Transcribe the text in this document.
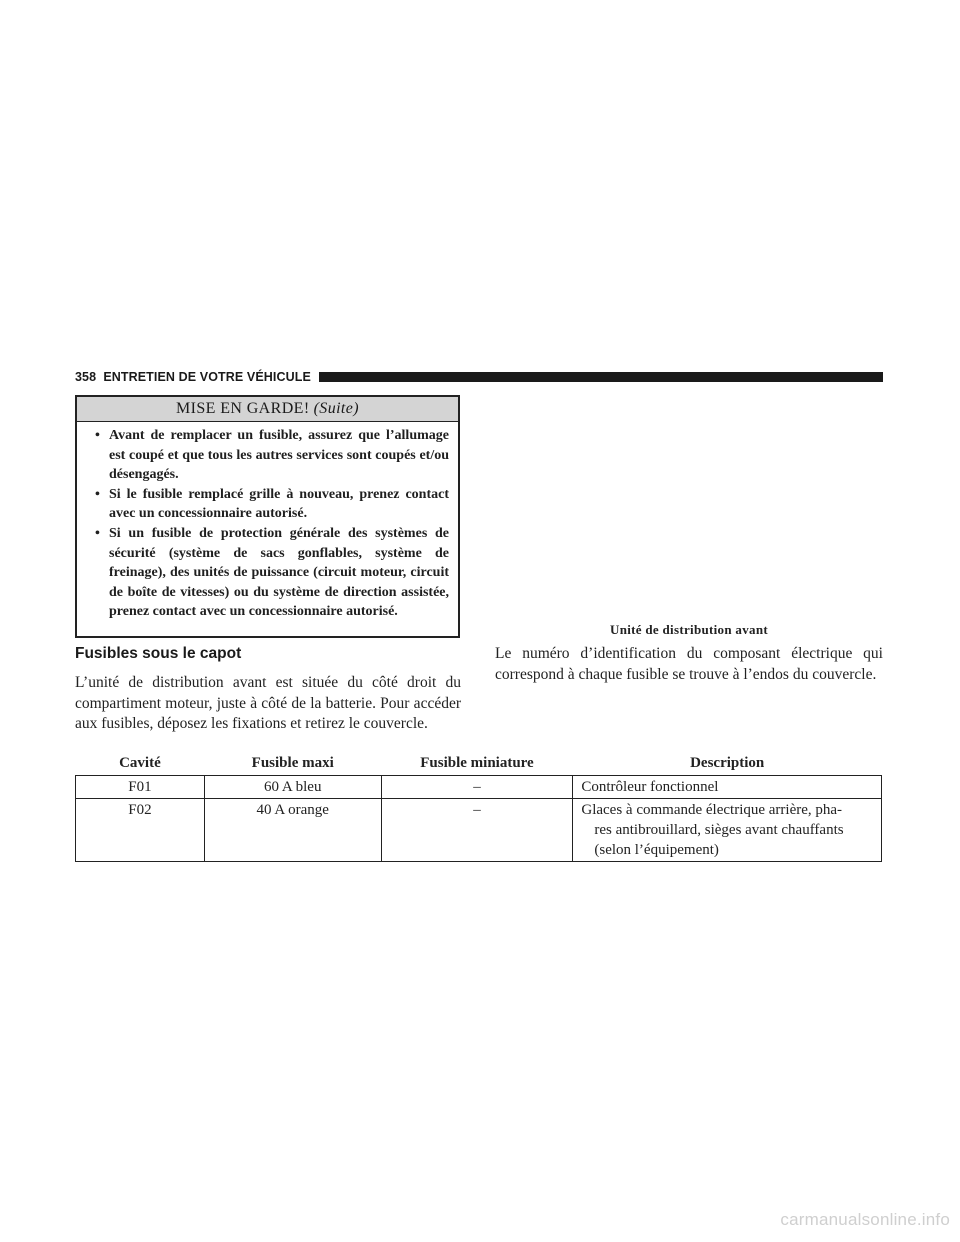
358 ENTRETIEN DE VOTRE VÉHICULE
MISE EN GARDE! (Suite)
• Avant de remplacer un fusible, assurez que l’allumage est coupé et que tous les autres services sont coupés et/ou désengagés.
• Si le fusible remplacé grille à nouveau, prenez contact avec un concessionnaire autorisé.
• Si un fusible de protection générale des systèmes de sécurité (système de sacs gonflables, système de freinage), des unités de puissance (circuit moteur, circuit de boîte de vitesses) ou du système de direction assistée, prenez contact avec un concessionnaire autorisé.
Fusibles sous le capot
L’unité de distribution avant est située du côté droit du compartiment moteur, juste à côté de la batterie. Pour accéder aux fusibles, déposez les fixations et retirez le couvercle.
Unité de distribution avant
Le numéro d’identification du composant électrique qui correspond à chaque fusible se trouve à l’endos du couvercle.
Cavité	Fusible maxi	Fusible miniature	Description
F01	60 A bleu	–	Contrôleur fonctionnel

F02	40 A orange	–	Glaces à commande électrique arrière, pha-
res antibrouillard, sièges avant chauffants
(selon l’équipement)
carmanualsonline.info
